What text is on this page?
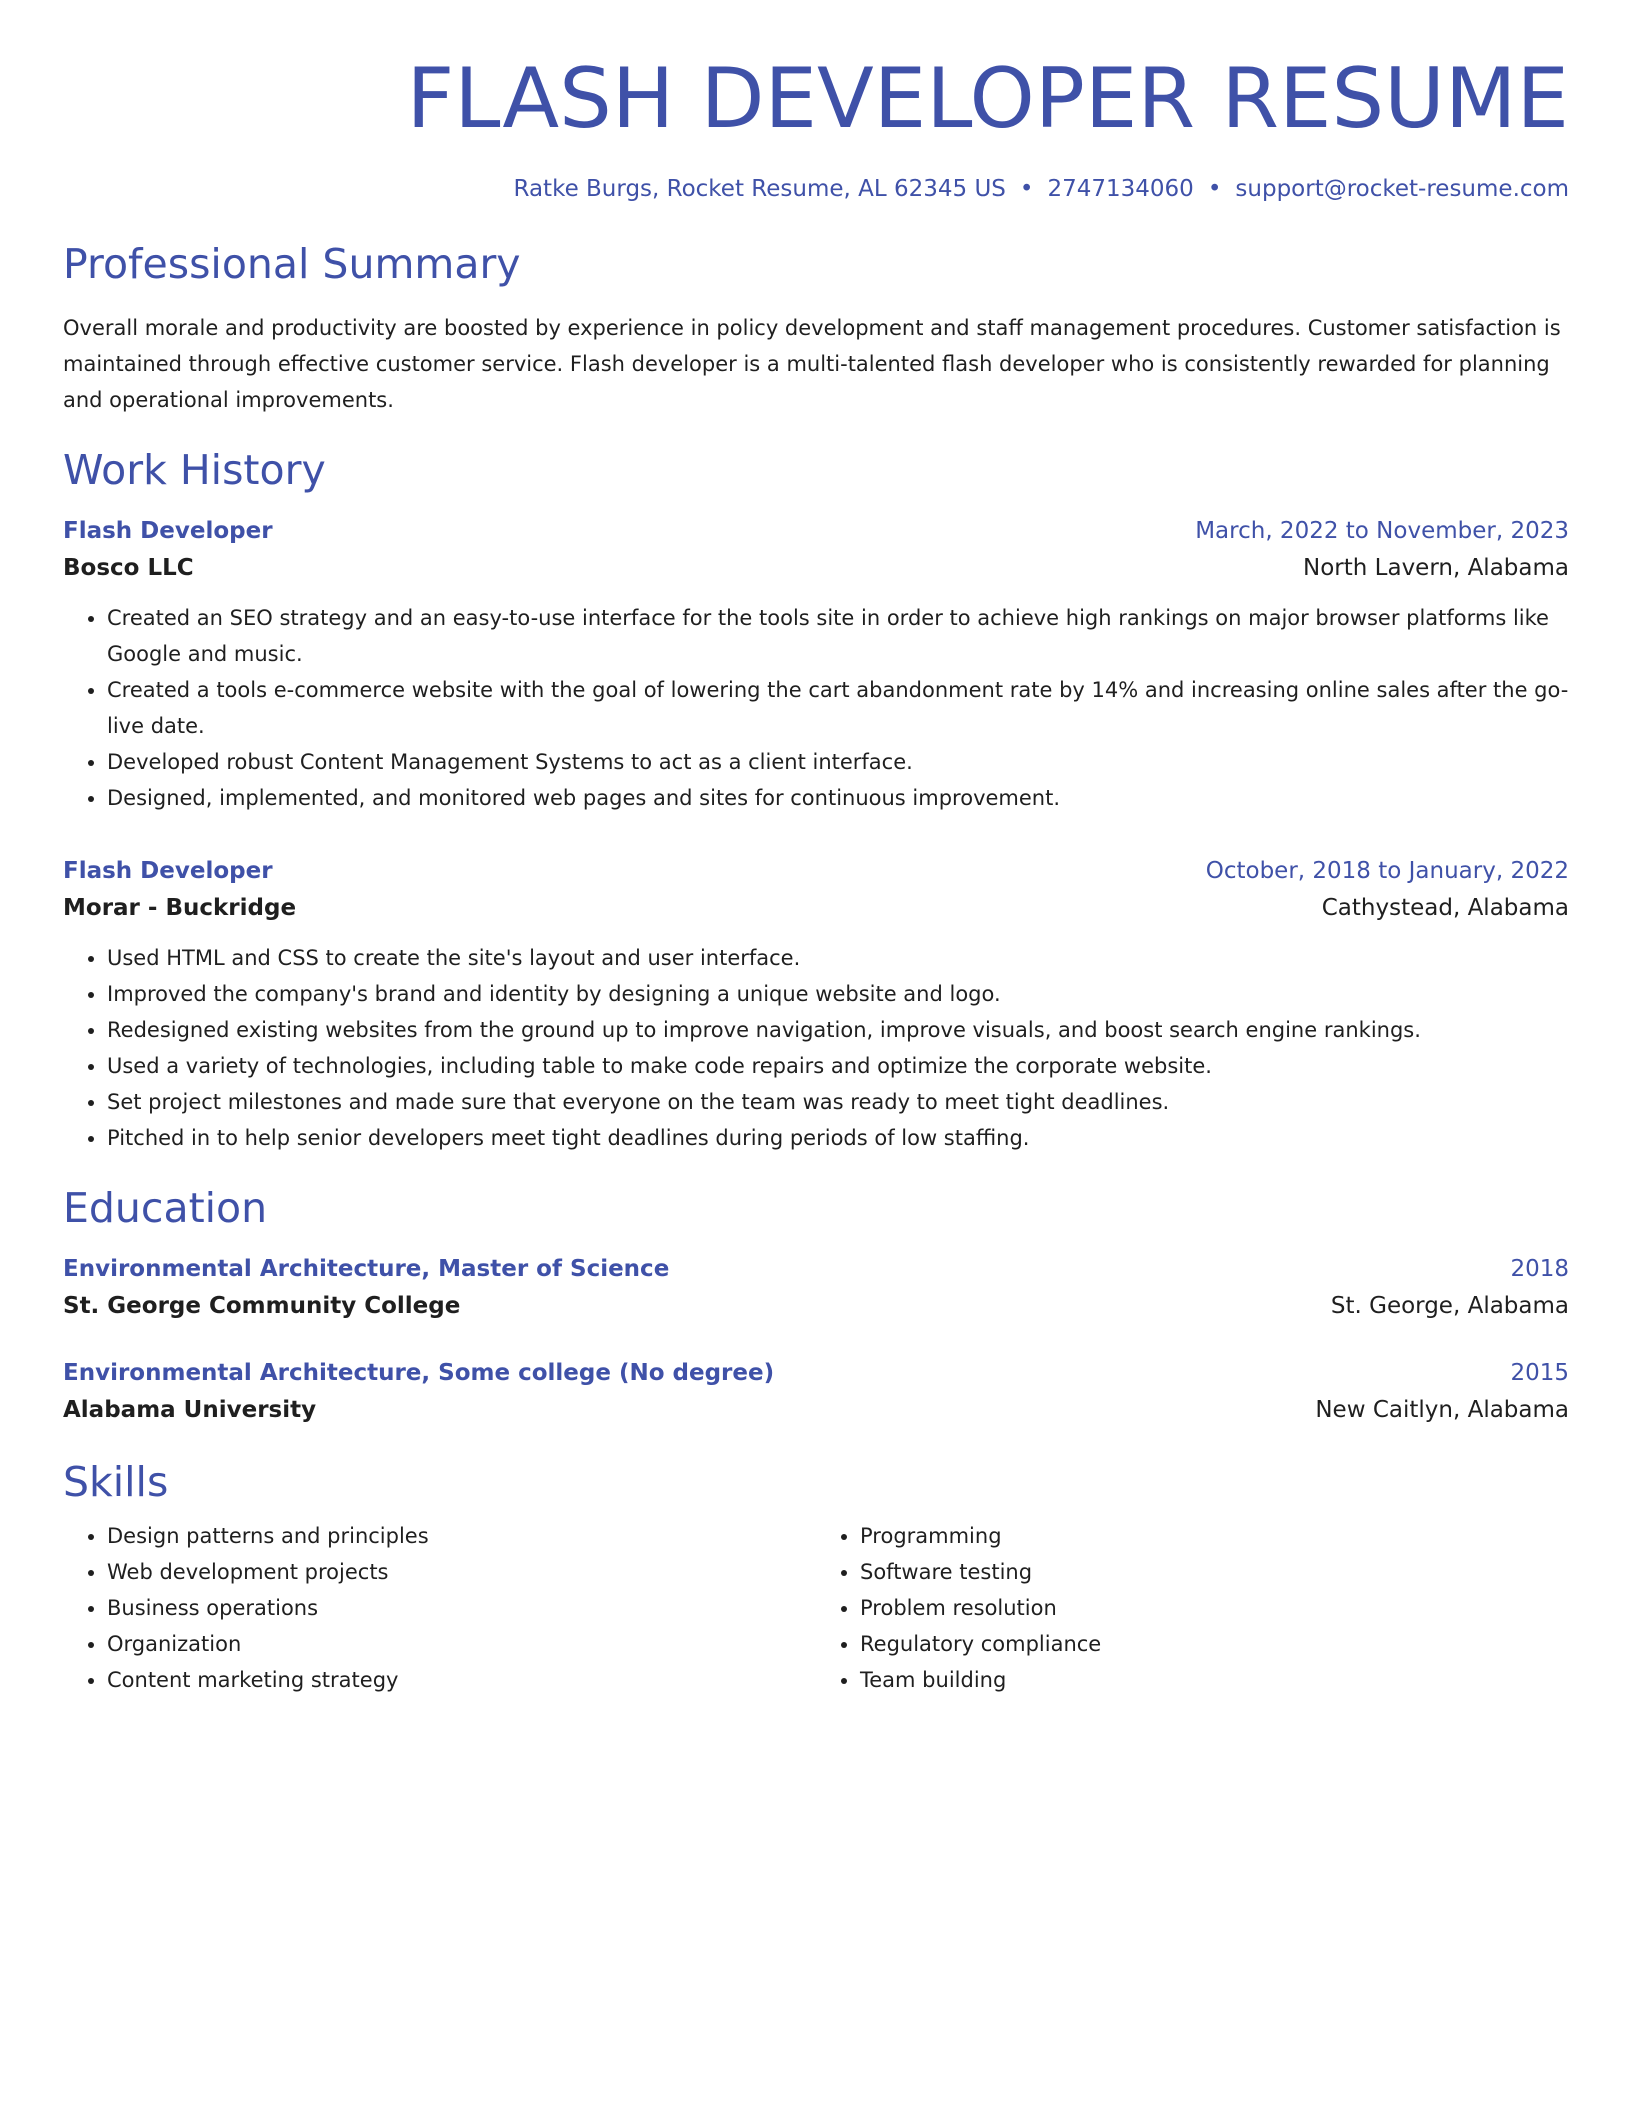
FLASH DEVELOPER RESUME
Ratke Burgs, Rocket Resume, AL 62345 US • 2747134060 • support@rocket-resume.com
Professional Summary

Overall morale and productivity are boosted by experience in policy development and staff management procedures. Customer satisfaction is maintained through effective customer service. Flash developer is a multi-talented flash developer who is consistently rewarded for planning and operational improvements.

Work History
Flash Developer	March, 2022 to November, 2023
Bosco LLC	North Lavern, Alabama
• Created an SEO strategy and an easy-to-use interface for the tools site in order to achieve high rankings on major browser platforms like Google and music.
• Created a tools e-commerce website with the goal of lowering the cart abandonment rate by 14% and increasing online sales after the go-live date.
• Developed robust Content Management Systems to act as a client interface.
• Designed, implemented, and monitored web pages and sites for continuous improvement.
Flash Developer	October, 2018 to January, 2022
Morar - Buckridge	Cathystead, Alabama
• Used HTML and CSS to create the site's layout and user interface.
• Improved the company's brand and identity by designing a unique website and logo.
• Redesigned existing websites from the ground up to improve navigation, improve visuals, and boost search engine rankings.
• Used a variety of technologies, including table to make code repairs and optimize the corporate website.
• Set project milestones and made sure that everyone on the team was ready to meet tight deadlines.
• Pitched in to help senior developers meet tight deadlines during periods of low staffing.
Education
Environmental Architecture, Master of Science	2018
St. George Community College	St. George, Alabama
Environmental Architecture, Some college (No degree)	2015
Alabama University	New Caitlyn, Alabama
Skills
• Design patterns and principles
• Web development projects
• Business operations
• Organization
• Content marketing strategy
• Programming
• Software testing
• Problem resolution
• Regulatory compliance
• Team building
